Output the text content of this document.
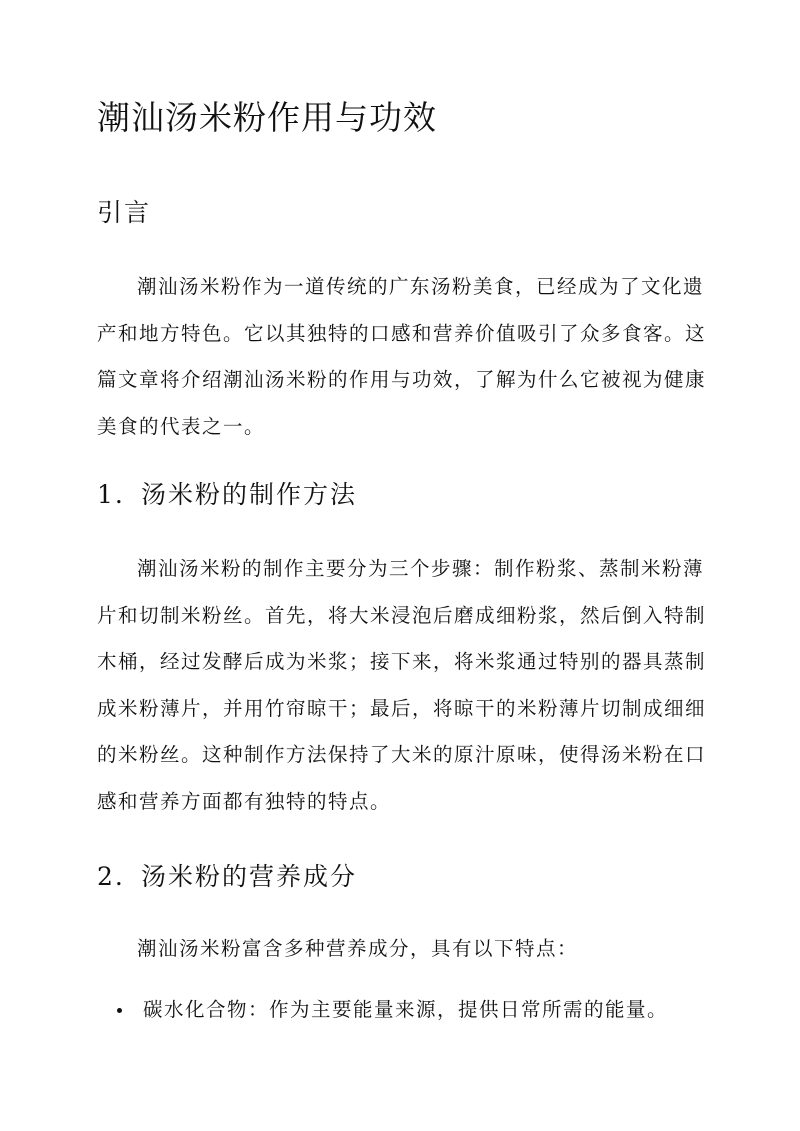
潮汕汤米粉作用与功效
引言

潮汕汤米粉作为一道传统的广东汤粉美食，已经成为了文化遗产和地方特色。它以其独特的口感和营养价值吸引了众多食客。这篇文章将介绍潮汕汤米粉的作用与功效，了解为什么它被视为健康美食的代表之一。

1. 汤米粉的制作方法

潮汕汤米粉的制作主要分为三个步骤：制作粉浆、蒸制米粉薄片和切制米粉丝。首先，将大米浸泡后磨成细粉浆，然后倒入特制木桶，经过发酵后成为米浆；接下来，将米浆通过特别的器具蒸制成米粉薄片，并用竹帘晾干；最后，将晾干的米粉薄片切制成细细的米粉丝。这种制作方法保持了大米的原汁原味，使得汤米粉在口感和营养方面都有独特的特点。

2. 汤米粉的营养成分

潮汕汤米粉富含多种营养成分，具有以下特点：

碳水化合物：作为主要能量来源，提供日常所需的能量。
